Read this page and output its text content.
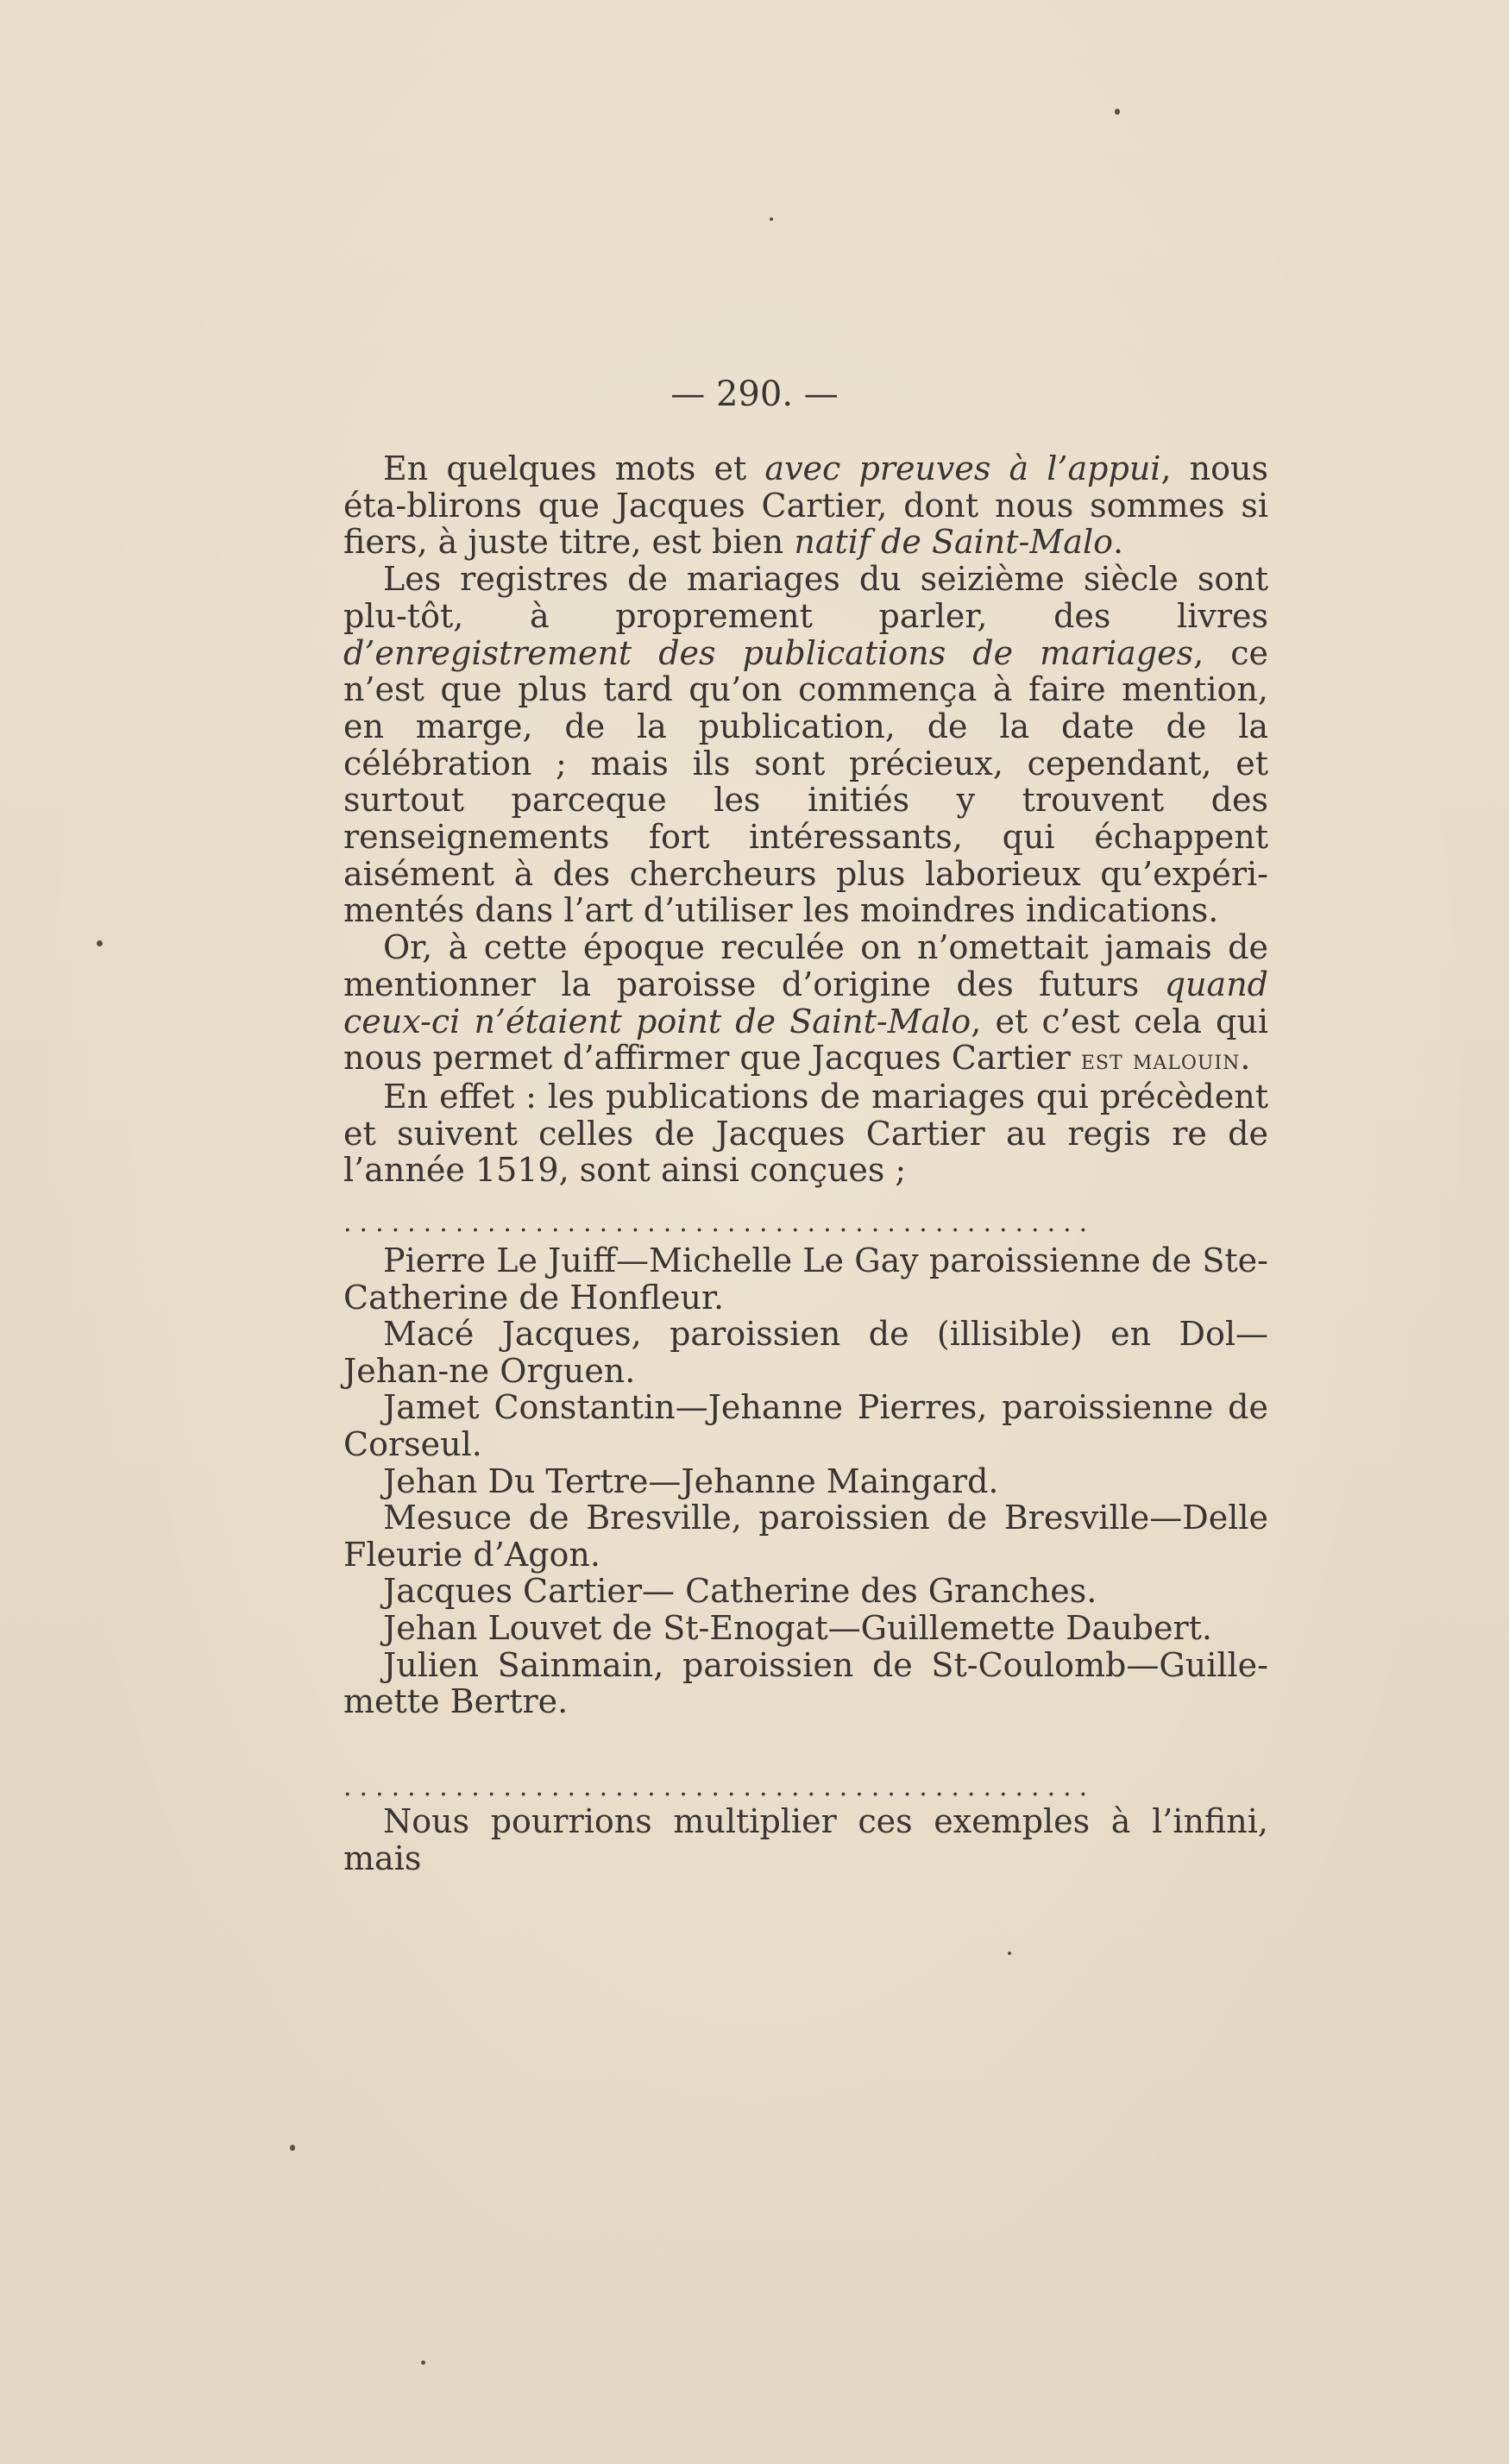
— 290. —

En quelques mots et avec preuves à l’appui, nous éta-blirons que Jacques Cartier, dont nous sommes si fiers, à juste titre, est bien natif de Saint-Malo.

Les registres de mariages du seizième siècle sont plu-tôt, à proprement parler, des livres d’enregistrement des publications de mariages, ce n’est que plus tard qu’on commença à faire mention, en marge, de la publication, de la date de la célébration ; mais ils sont précieux, cependant, et surtout parceque les initiés y trouvent des renseignements fort intéressants, qui échappent aisément à des chercheurs plus laborieux qu’expéri-mentés dans l’art d’utiliser les moindres indications.

Or, à cette époque reculée on n’omettait jamais de mentionner la paroisse d’origine des futurs quand ceux-ci n’étaient point de Saint-Malo, et c’est cela qui nous permet d’affirmer que Jacques Cartier est malouin.

En effet : les publications de mariages qui précèdent et suivent celles de Jacques Cartier au regis re de l’année 1519, sont ainsi conçues ;

...............................................

Pierre Le Juiff—Michelle Le Gay paroissienne de Ste-Catherine de Honfleur.

Macé Jacques, paroissien de (illisible) en Dol—Jehan-ne Orguen.

Jamet Constantin—Jehanne Pierres, paroissienne de Corseul.

Jehan Du Tertre—Jehanne Maingard.

Mesuce de Bresville, paroissien de Bresville—Delle Fleurie d’Agon.

Jacques Cartier— Catherine des Granches.

Jehan Louvet de St-Enogat—Guillemette Daubert.

Julien Sainmain, paroissien de St-Coulomb—Guille-mette Bertre.

...............................................

Nous pourrions multiplier ces exemples à l’infini, mais
